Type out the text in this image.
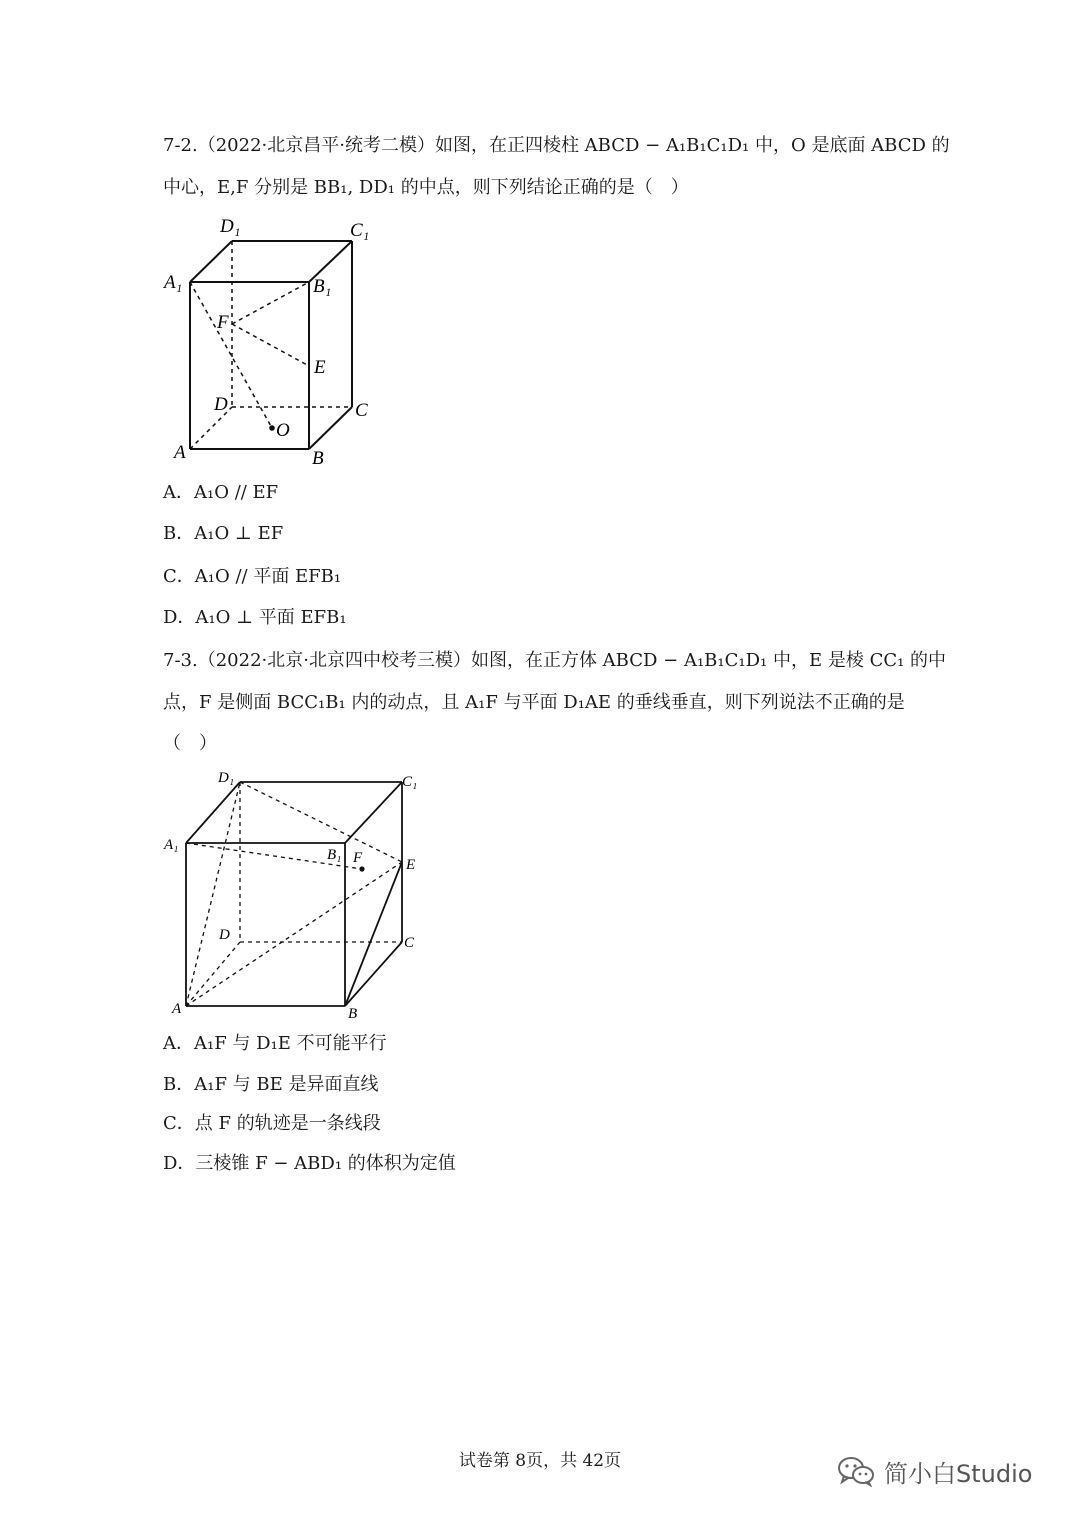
7-2.（2022·北京昌平·统考二模）如图，在正四棱柱 ABCD − A₁B₁C₁D₁ 中，O 是底面 ABCD 的
中心，E,F 分别是 BB₁, DD₁ 的中点，则下列结论正确的是（　）
D₁	C₁
A₁	B₁
F
E
D	C
O
A	B
A．A₁O // EF
B．A₁O ⊥ EF
C．A₁O // 平面 EFB₁
D．A₁O ⊥ 平面 EFB₁
7-3.（2022·北京·北京四中校考三模）如图，在正方体 ABCD − A₁B₁C₁D₁ 中，E 是棱 CC₁ 的中
点，F 是侧面 BCC₁B₁ 内的动点，且 A₁F 与平面 D₁AE 的垂线垂直，则下列说法不正确的是
（　）
D₁	C₁
A₁
B₁ F	E
D	C
A	B
A．A₁F 与 D₁E 不可能平行
B．A₁F 与 BE 是异面直线
C．点 F 的轨迹是一条线段
D．三棱锥 F − ABD₁ 的体积为定值
试卷第 8页，共 42页	简小白Studio
